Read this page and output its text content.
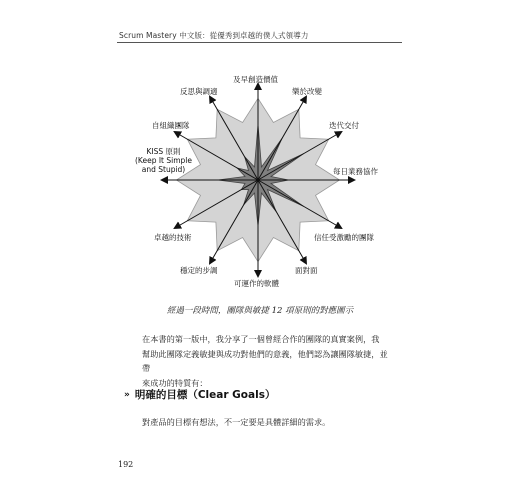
Scrum Mastery 中文版：從優秀到卓越的僕人式領導力
及早創造價值
樂於改變
迭代交付
每日業務協作
信任受激勵的團隊
面對面
可運作的軟體
穩定的步調
卓越的技術
KISS 原則
(Keep It Simple
and Stupid)
自組織團隊
反思與調適
經過一段時間，團隊與敏捷 12 項原則的對應圖示

在本書的第一版中，我分享了一個曾經合作的團隊的真實案例，我

幫助此團隊定義敏捷與成功對他們的意義，他們認為讓團隊敏捷，並帶

來成功的特質有：

» 明確的目標（Clear Goals）
對產品的目標有想法，不一定要是具體詳細的需求。
192
